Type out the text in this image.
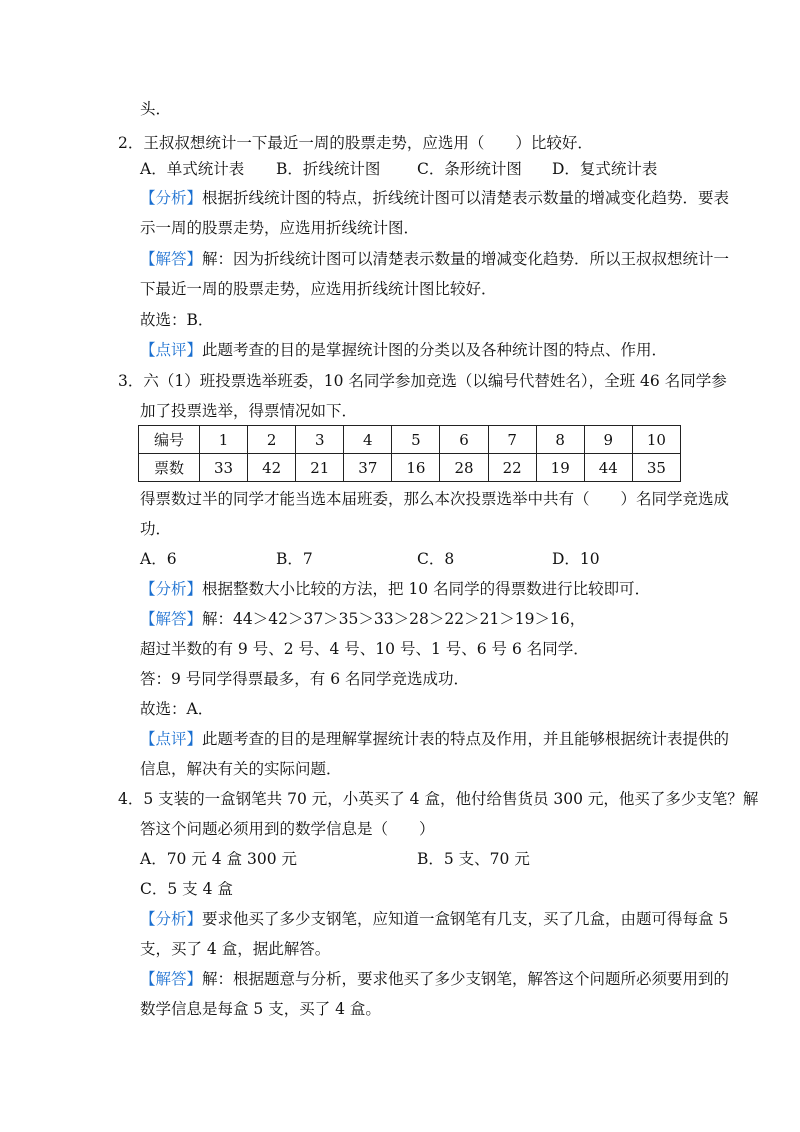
头．
2．王叔叔想统计一下最近一周的股票走势，应选用（　　）比较好．
A．单式统计表 B．折线统计图 C．条形统计图 D．复式统计表
【分析】根据折线统计图的特点，折线统计图可以清楚表示数量的增减变化趋势．要表
示一周的股票走势，应选用折线统计图．
【解答】解：因为折线统计图可以清楚表示数量的增减变化趋势．所以王叔叔想统计一
下最近一周的股票走势，应选用折线统计图比较好．
故选：B．
【点评】此题考查的目的是掌握统计图的分类以及各种统计图的特点、作用．
3．六（1）班投票选举班委，10 名同学参加竞选（以编号代替姓名），全班 46 名同学参
加了投票选举，得票情况如下．
编号	1	2	3	4	5	6	7	8	9	10
票数	33	42	21	37	16	28	22	19	44	35
得票数过半的同学才能当选本届班委，那么本次投票选举中共有（　　）名同学竞选成
功．
A．6	B．7	C．8	D．10
【分析】根据整数大小比较的方法，把 10 名同学的得票数进行比较即可．
【解答】解：44＞42＞37＞35＞33＞28＞22＞21＞19＞16，
超过半数的有 9 号、2 号、4 号、10 号、1 号、6 号 6 名同学．
答：9 号同学得票最多，有 6 名同学竞选成功．
故选：A．
【点评】此题考查的目的是理解掌握统计表的特点及作用，并且能够根据统计表提供的
信息，解决有关的实际问题．
4．5 支装的一盒钢笔共 70 元，小英买了 4 盒，他付给售货员 300 元，他买了多少支笔？解
答这个问题必须用到的数学信息是（　　）
A．70 元 4 盒 300 元	B．5 支、70 元
C．5 支 4 盒
【分析】要求他买了多少支钢笔，应知道一盒钢笔有几支，买了几盒，由题可得每盒 5
支，买了 4 盒，据此解答。
【解答】解：根据题意与分析，要求他买了多少支钢笔，解答这个问题所必须要用到的
数学信息是每盒 5 支，买了 4 盒。
